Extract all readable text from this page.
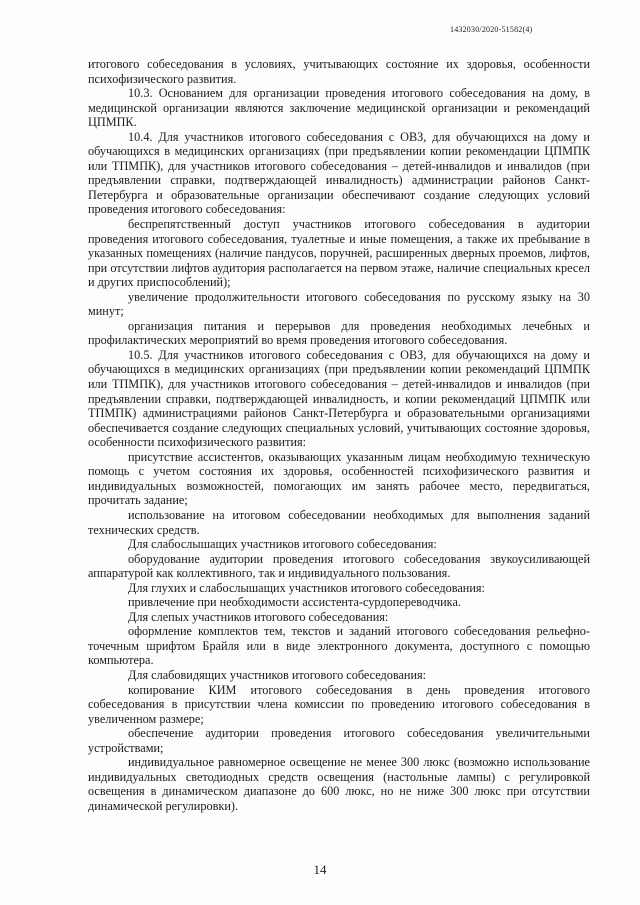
1432030/2020-51582(4)

итогового собеседования в условиях, учитывающих состояние их здоровья, особенности психофизического развития.

10.3. Основанием для организации проведения итогового собеседования на дому, в медицинской организации являются заключение медицинской организации и рекомендаций ЦПМПК.

10.4. Для участников итогового собеседования с ОВЗ, для обучающихся на дому и обучающихся в медицинских организациях (при предъявлении копии рекомендации ЦПМПК или ТПМПК), для участников итогового собеседования – детей-инвалидов и инвалидов (при предъявлении справки, подтверждающей инвалидность) администрации районов Санкт-Петербурга и образовательные организации обеспечивают создание следующих условий проведения итогового собеседования:

беспрепятственный доступ участников итогового собеседования в аудитории проведения итогового собеседования, туалетные и иные помещения, а также их пребывание в указанных помещениях (наличие пандусов, поручней, расширенных дверных проемов, лифтов, при отсутствии лифтов аудитория располагается на первом этаже, наличие специальных кресел и других приспособлений);

увеличение продолжительности итогового собеседования по русскому языку на 30 минут;

организация питания и перерывов для проведения необходимых лечебных и профилактических мероприятий во время проведения итогового собеседования.

10.5. Для участников итогового собеседования с ОВЗ, для обучающихся на дому и обучающихся в медицинских организациях (при предъявлении копии рекомендаций ЦПМПК или ТПМПК), для участников итогового собеседования – детей-инвалидов и инвалидов (при предъявлении справки, подтверждающей инвалидность, и копии рекомендаций ЦПМПК или ТПМПК) администрациями районов Санкт-Петербурга и образовательными организациями обеспечивается создание следующих специальных условий, учитывающих состояние здоровья, особенности психофизического развития:

присутствие ассистентов, оказывающих указанным лицам необходимую техническую помощь с учетом состояния их здоровья, особенностей психофизического развития и индивидуальных возможностей, помогающих им занять рабочее место, передвигаться, прочитать задание;

использование на итоговом собеседовании необходимых для выполнения заданий технических средств.

Для слабослышащих участников итогового собеседования:

оборудование аудитории проведения итогового собеседования звукоусиливающей аппаратурой как коллективного, так и индивидуального пользования.

Для глухих и слабослышащих участников итогового собеседования:

привлечение при необходимости ассистента-сурдопереводчика.

Для слепых участников итогового собеседования:

оформление комплектов тем, текстов и заданий итогового собеседования рельефно-точечным шрифтом Брайля или в виде электронного документа, доступного с помощью компьютера.

Для слабовидящих участников итогового собеседования:

копирование КИМ итогового собеседования в день проведения итогового собеседования в присутствии члена комиссии по проведению итогового собеседования в увеличенном размере;

обеспечение аудитории проведения итогового собеседования увеличительными устройствами;

индивидуальное равномерное освещение не менее 300 люкс (возможно использование индивидуальных светодиодных средств освещения (настольные лампы) с регулировкой освещения в динамическом диапазоне до 600 люкс, но не ниже 300 люкс при отсутствии динамической регулировки).

14
